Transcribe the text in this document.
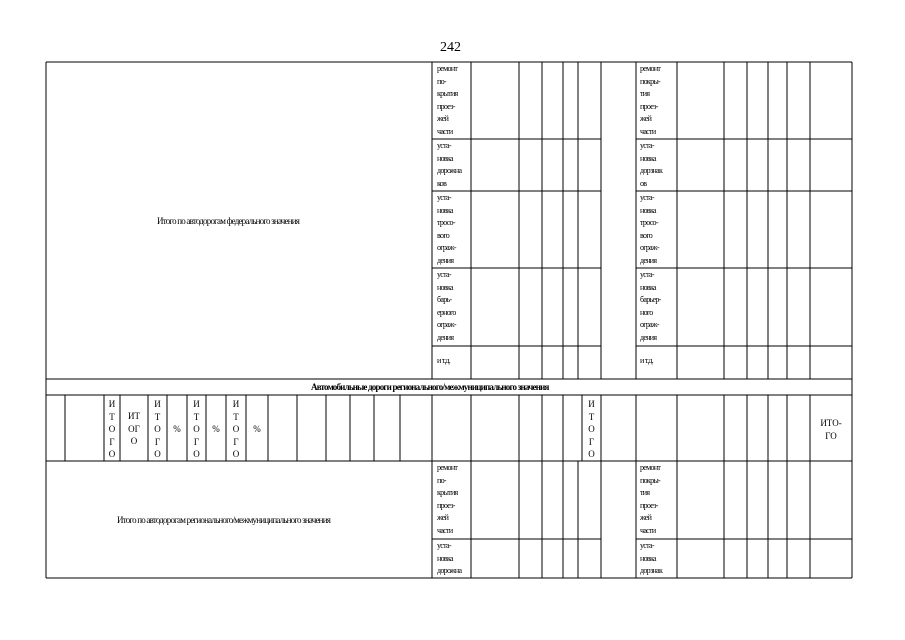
242
Итого по автодорогам федерального значения
Автомобильные дороги регионального/межмуниципального значения
Итого по автодорогам регионального/межмуниципального значения
ремонт
по-
крытия
проез-
жей
части
уста-
новка
дорожна
ков
уста-
новка
тросо-
вого
ограж-
дения
уста-
новка
барь-
ерного
ограж-
дения
и т.д.
ремонт
покры-
тия
проез-
жей
части
уста-
новка
дорзнак
ов
уста-
новка
тросо-
вого
ограж-
дения
уста-
новка
барьер-
ного
ограж-
дения
и т.д.
ремонт
по-
крытия
проез-
жей
части
уста-
новка
дорожна
ремонт
покры-
тия
проез-
жей
части
уста-
новка
дорзнак
И
Т
О
Г
О
ИТ
ОГ
О
И
Т
О
Г
О
%
И
Т
О
Г
О
%
И
Т
О
Г
О
%
И
Т
О
Г
О
ИТО-
ГО
